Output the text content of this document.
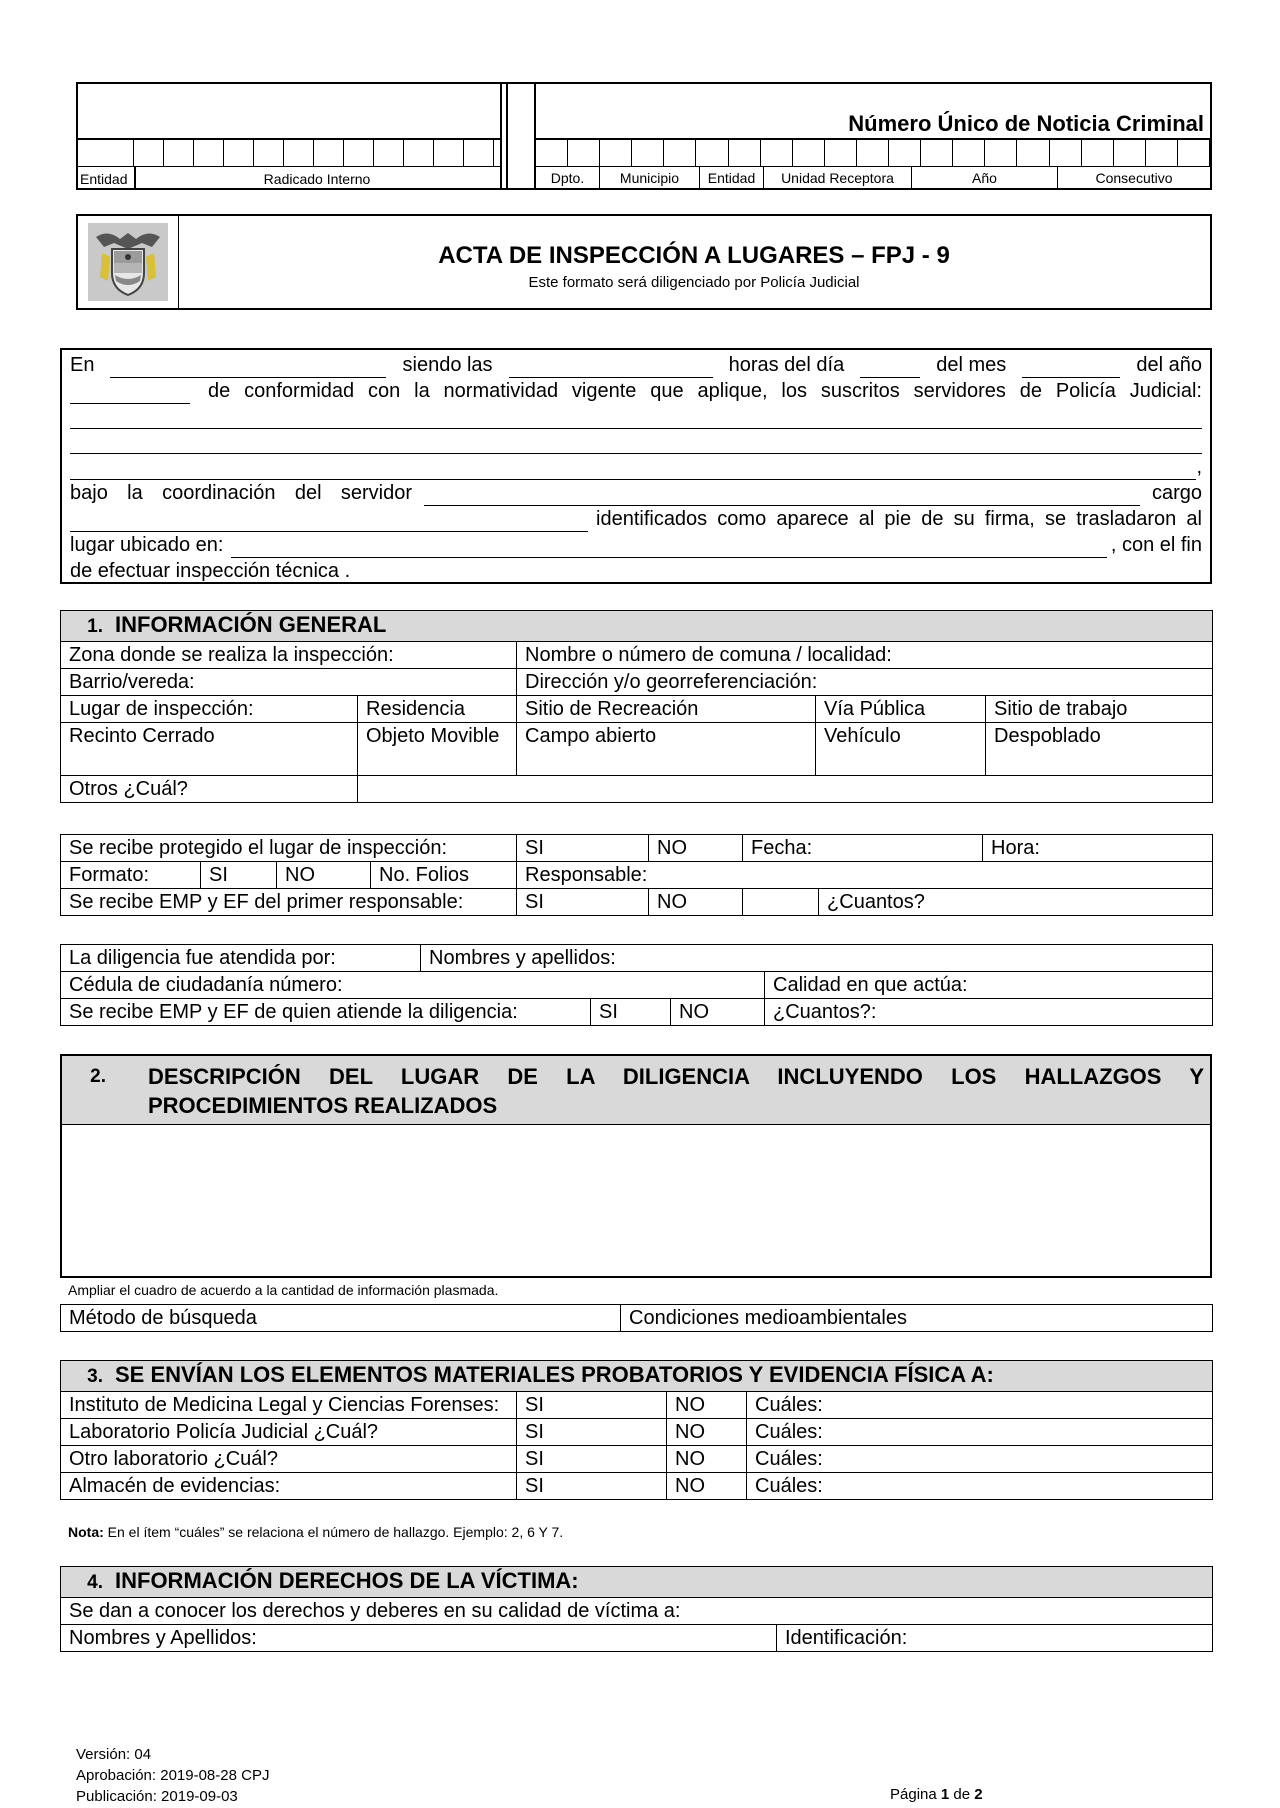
Entidad	Radicado Interno
Número Único de Noticia Criminal
Dpto.	Municipio	Entidad	Unidad Receptora	Año	Consecutivo
ACTA DE INSPECCIÓN A LUGARES – FPJ - 9
Este formato será diligenciado por Policía Judicial
En	siendo las	horas del día	del mes	del año
de conformidad con la normatividad vigente que aplique, los suscritos servidores de Policía Judicial:
,
bajo la coordinación del servidor	cargo
identificados como aparece al pie de su firma, se trasladaron al
lugar ubicado en:	, con el fin
de efectuar inspección técnica .
1. INFORMACIÓN GENERAL				
Zona donde se realiza la inspección:		Nombre o número de comuna / localidad:		
Barrio/vereda:		Dirección y/o georreferenciación:		
Lugar de inspección:	Residencia	Sitio de Recreación	Vía Pública	Sitio de trabajo
Recinto Cerrado	Objeto Movible	Campo abierto	Vehículo	Despoblado
Otros ¿Cuál?				
Se recibe protegido el lugar de inspección:				SI	NO	Fecha:		Hora:
Formato:	SI	NO	No. Folios	Responsable:				
Se recibe EMP y EF del primer responsable:				SI	NO		¿Cuantos?	
La diligencia fue atendida por:	Nombres y apellidos:			
Cédula de ciudadanía número:				Calidad en que actúa:
Se recibe EMP y EF de quien atiende la diligencia:		SI	NO	¿Cuantos?:
2. DESCRIPCIÓN DEL LUGAR DE LA DILIGENCIA INCLUYENDO LOS HALLAZGOS Y PROCEDIMIENTOS REALIZADOS
Ampliar el cuadro de acuerdo a la cantidad de información plasmada.
Método de búsqueda	Condiciones medioambientales
3. SE ENVÍAN LOS ELEMENTOS MATERIALES PROBATORIOS Y EVIDENCIA FÍSICA A:			
Instituto de Medicina Legal y Ciencias Forenses:	SI	NO	Cuáles:
Laboratorio Policía Judicial ¿Cuál?	SI	NO	Cuáles:
Otro laboratorio ¿Cuál?	SI	NO	Cuáles:
Almacén de evidencias:	SI	NO	Cuáles:
Nota: En el ítem “cuáles” se relaciona el número de hallazgo. Ejemplo: 2, 6 Y 7.
4. INFORMACIÓN DERECHOS DE LA VÍCTIMA:
Se dan a conocer los derechos y deberes en su calidad de víctima a:
Nombres y Apellidos:	Identificación:
Versión: 04
Aprobación: 2019-08-28 CPJ
Publicación: 2019-09-03	Página 1 de 2
